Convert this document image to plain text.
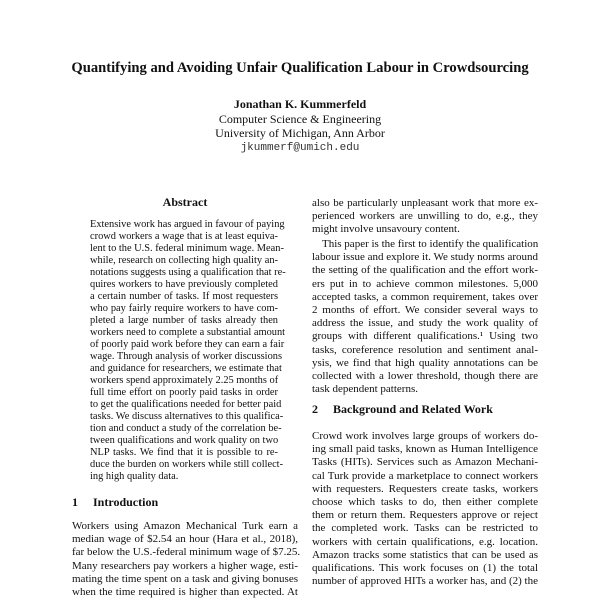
Quantifying and Avoiding Unfair Qualification Labour in Crowdsourcing
Jonathan K. Kummerfeld
Computer Science & Engineering
University of Michigan, Ann Arbor
jkummerf@umich.edu
Abstract
Extensive work has argued in favour of paying
crowd workers a wage that is at least equiva-
lent to the U.S. federal minimum wage. Mean-
while, research on collecting high quality an-
notations suggests using a qualification that re-
quires workers to have previously completed
a certain number of tasks. If most requesters
who pay fairly require workers to have com-
pleted a large number of tasks already then
workers need to complete a substantial amount
of poorly paid work before they can earn a fair
wage. Through analysis of worker discussions
and guidance for researchers, we estimate that
workers spend approximately 2.25 months of
full time effort on poorly paid tasks in order
to get the qualifications needed for better paid
tasks. We discuss alternatives to this qualifica-
tion and conduct a study of the correlation be-
tween qualifications and work quality on two
NLP tasks. We find that it is possible to re-
duce the burden on workers while still collect-
ing high quality data.
1 Introduction
Workers using Amazon Mechanical Turk earn a
median wage of $2.54 an hour (Hara et al., 2018),
far below the U.S.-federal minimum wage of $7.25.
Many researchers pay workers a higher wage, esti-
mating the time spent on a task and giving bonuses
when the time required is higher than expected. At
also be particularly unpleasant work that more ex-
perienced workers are unwilling to do, e.g., they
might involve unsavoury content.
This paper is the first to identify the qualification
labour issue and explore it. We study norms around
the setting of the qualification and the effort work-
ers put in to achieve common milestones. 5,000
accepted tasks, a common requirement, takes over
2 months of effort. We consider several ways to
address the issue, and study the work quality of
groups with different qualifications.¹ Using two
tasks, coreference resolution and sentiment anal-
ysis, we find that high quality annotations can be
collected with a lower threshold, though there are
task dependent patterns.
2 Background and Related Work
Crowd work involves large groups of workers do-
ing small paid tasks, known as Human Intelligence
Tasks (HITs). Services such as Amazon Mechani-
cal Turk provide a marketplace to connect workers
with requesters. Requesters create tasks, workers
choose which tasks to do, then either complete
them or return them. Requesters approve or reject
the completed work. Tasks can be restricted to
workers with certain qualifications, e.g. location.
Amazon tracks some statistics that can be used as
qualifications. This work focuses on (1) the total
number of approved HITs a worker has, and (2) the
